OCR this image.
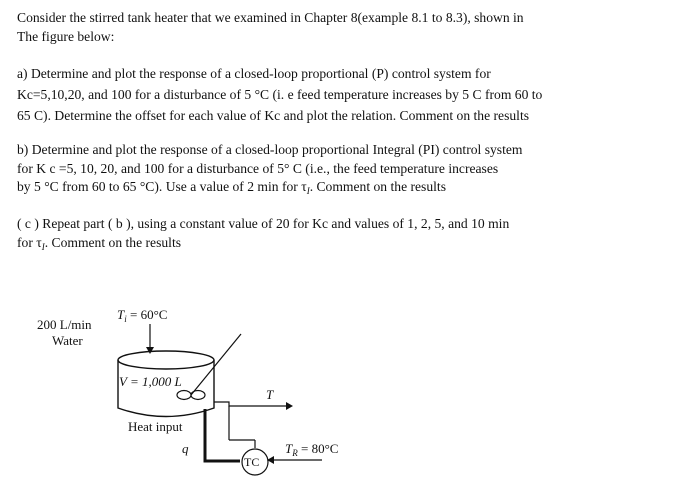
Consider the stirred tank heater that we examined in Chapter 8(example 8.1 to 8.3), shown in
The figure below:
a) Determine and plot the response of a closed-loop proportional (P) control system for
Kc=5,10,20, and 100 for a disturbance of 5 °C (i. e feed temperature increases by 5 C from 60 to
65 C). Determine the offset for each value of Kc and plot the relation. Comment on the results
b) Determine and plot the response of a closed-loop proportional Integral (PI) control system
for K c =5, 10, 20, and 100 for a disturbance of 5° C (i.e., the feed temperature increases
by 5 °C from 60 to 65 °C). Use a value of 2 min for $\tau_I$. Comment on the results
( c ) Repeat part ( b ), using a constant value of 20 for Kc and values of 1, 2, 5, and 10 min
for $\tau_I$. Comment on the results
200 L/min
Water
$T_i = 60^\circ C$
V = 1,000 L
T
Heat input
q
TC
$T_R = 80^\circ C$
